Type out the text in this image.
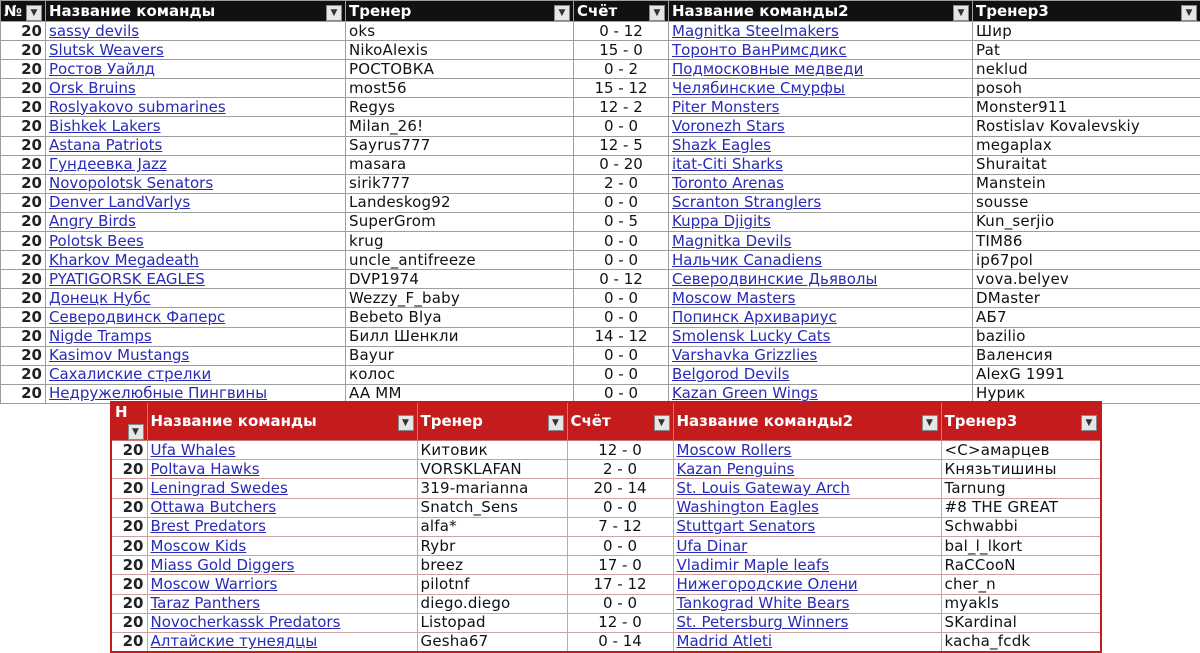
№ ▼	Название команды ▼	Тренер ▼	Счёт ▼	Название команды2 ▼	Тренер3 ▼

20	sassy devils	oks	0 - 12	Magnitka Steelmakers	Шир
20	Slutsk Weavers	NikoAlexis	15 - 0	Торонто ВанРимсдикс	Pat
20	Ростов Уайлд	РОСТОВКА	0 - 2	Подмосковные медведи	neklud
20	Orsk Bruins	most56	15 - 12	Челябинские Смурфы	posoh
20	Roslyakovo submarines	Regys	12 - 2	Piter Monsters	Monster911
20	Bishkek Lakers	Milan_26!	0 - 0	Voronezh Stars	Rostislav Kovalevskiy
20	Astana Patriots	Sayrus777	12 - 5	Shazk Eagles	megaplax
20	Гундеевка Jazz	masara	0 - 20	itat-Citi Sharks	Shuraitat
20	Novopolotsk Senators	sirik777	2 - 0	Toronto Arenas	Manstein
20	Denver LandVarlys	Landeskog92	0 - 0	Scranton Stranglers	sousse
20	Angry Birds	SuperGrom	0 - 5	Kuppa Djigits	Kun_serjio
20	Polotsk Bees	krug	0 - 0	Magnitka Devils	TIM86
20	Kharkov Megadeath	uncle_antifreeze	0 - 0	Нальчик Canadiens	ip67pol
20	PYATIGORSK EAGLES	DVP1974	0 - 12	Северодвинские Дьяволы	vova.belyev
20	Донецк Нубс	Wezzy_F_baby	0 - 0	Moscow Masters	DMaster
20	Северодвинск Фаперс	Bebeto Blya	0 - 0	Попинск Архивариус	АБ7
20	Nigde Tramps	Билл Шенкли	14 - 12	Smolensk Lucky Cats	bazilio
20	Kasimov Mustangs	Bayur	0 - 0	Varshavka Grizzlies	Валенсия
20	Сахалиские стрелки	колос	0 - 0	Belgorod Devils	AlexG 1991
20	Недружелюбные Пингвины	AA MM	0 - 0	Kazan Green Wings	Нурик
Н
▼	Название команды ▼	Тренер ▼	Счёт ▼	Название команды2 ▼	Тренер3 ▼

20	Ufa Whales	Китовик	12 - 0	Moscow Rollers	<С>амарцев
20	Poltava Hawks	VORSKLAFAN	2 - 0	Kazan Penguins	Князьтишины
20	Leningrad Swedes	319-marianna	20 - 14	St. Louis Gateway Arch	Tarnung
20	Ottawa Butchers	Snatch_Sens	0 - 0	Washington Eagles	#8 THE GREAT
20	Brest Predators	alfa*	7 - 12	Stuttgart Senators	Schwabbi
20	Moscow Kids	Rybr	0 - 0	Ufa Dinar	bal_l_lkort
20	Miass Gold Diggers	breez	17 - 0	Vladimir Maple leafs	RaCCooN
20	Moscow Warriors	pilotnf	17 - 12	Нижегородские Олени	cher_n
20	Taraz Panthers	diego.diego	0 - 0	Tankograd White Bears	myakls
20	Novocherkassk Predators	Listopad	12 - 0	St. Petersburg Winners	SKardinal
20	Алтайские тунеядцы	Gesha67	0 - 14	Madrid Atleti	kacha_fcdk
